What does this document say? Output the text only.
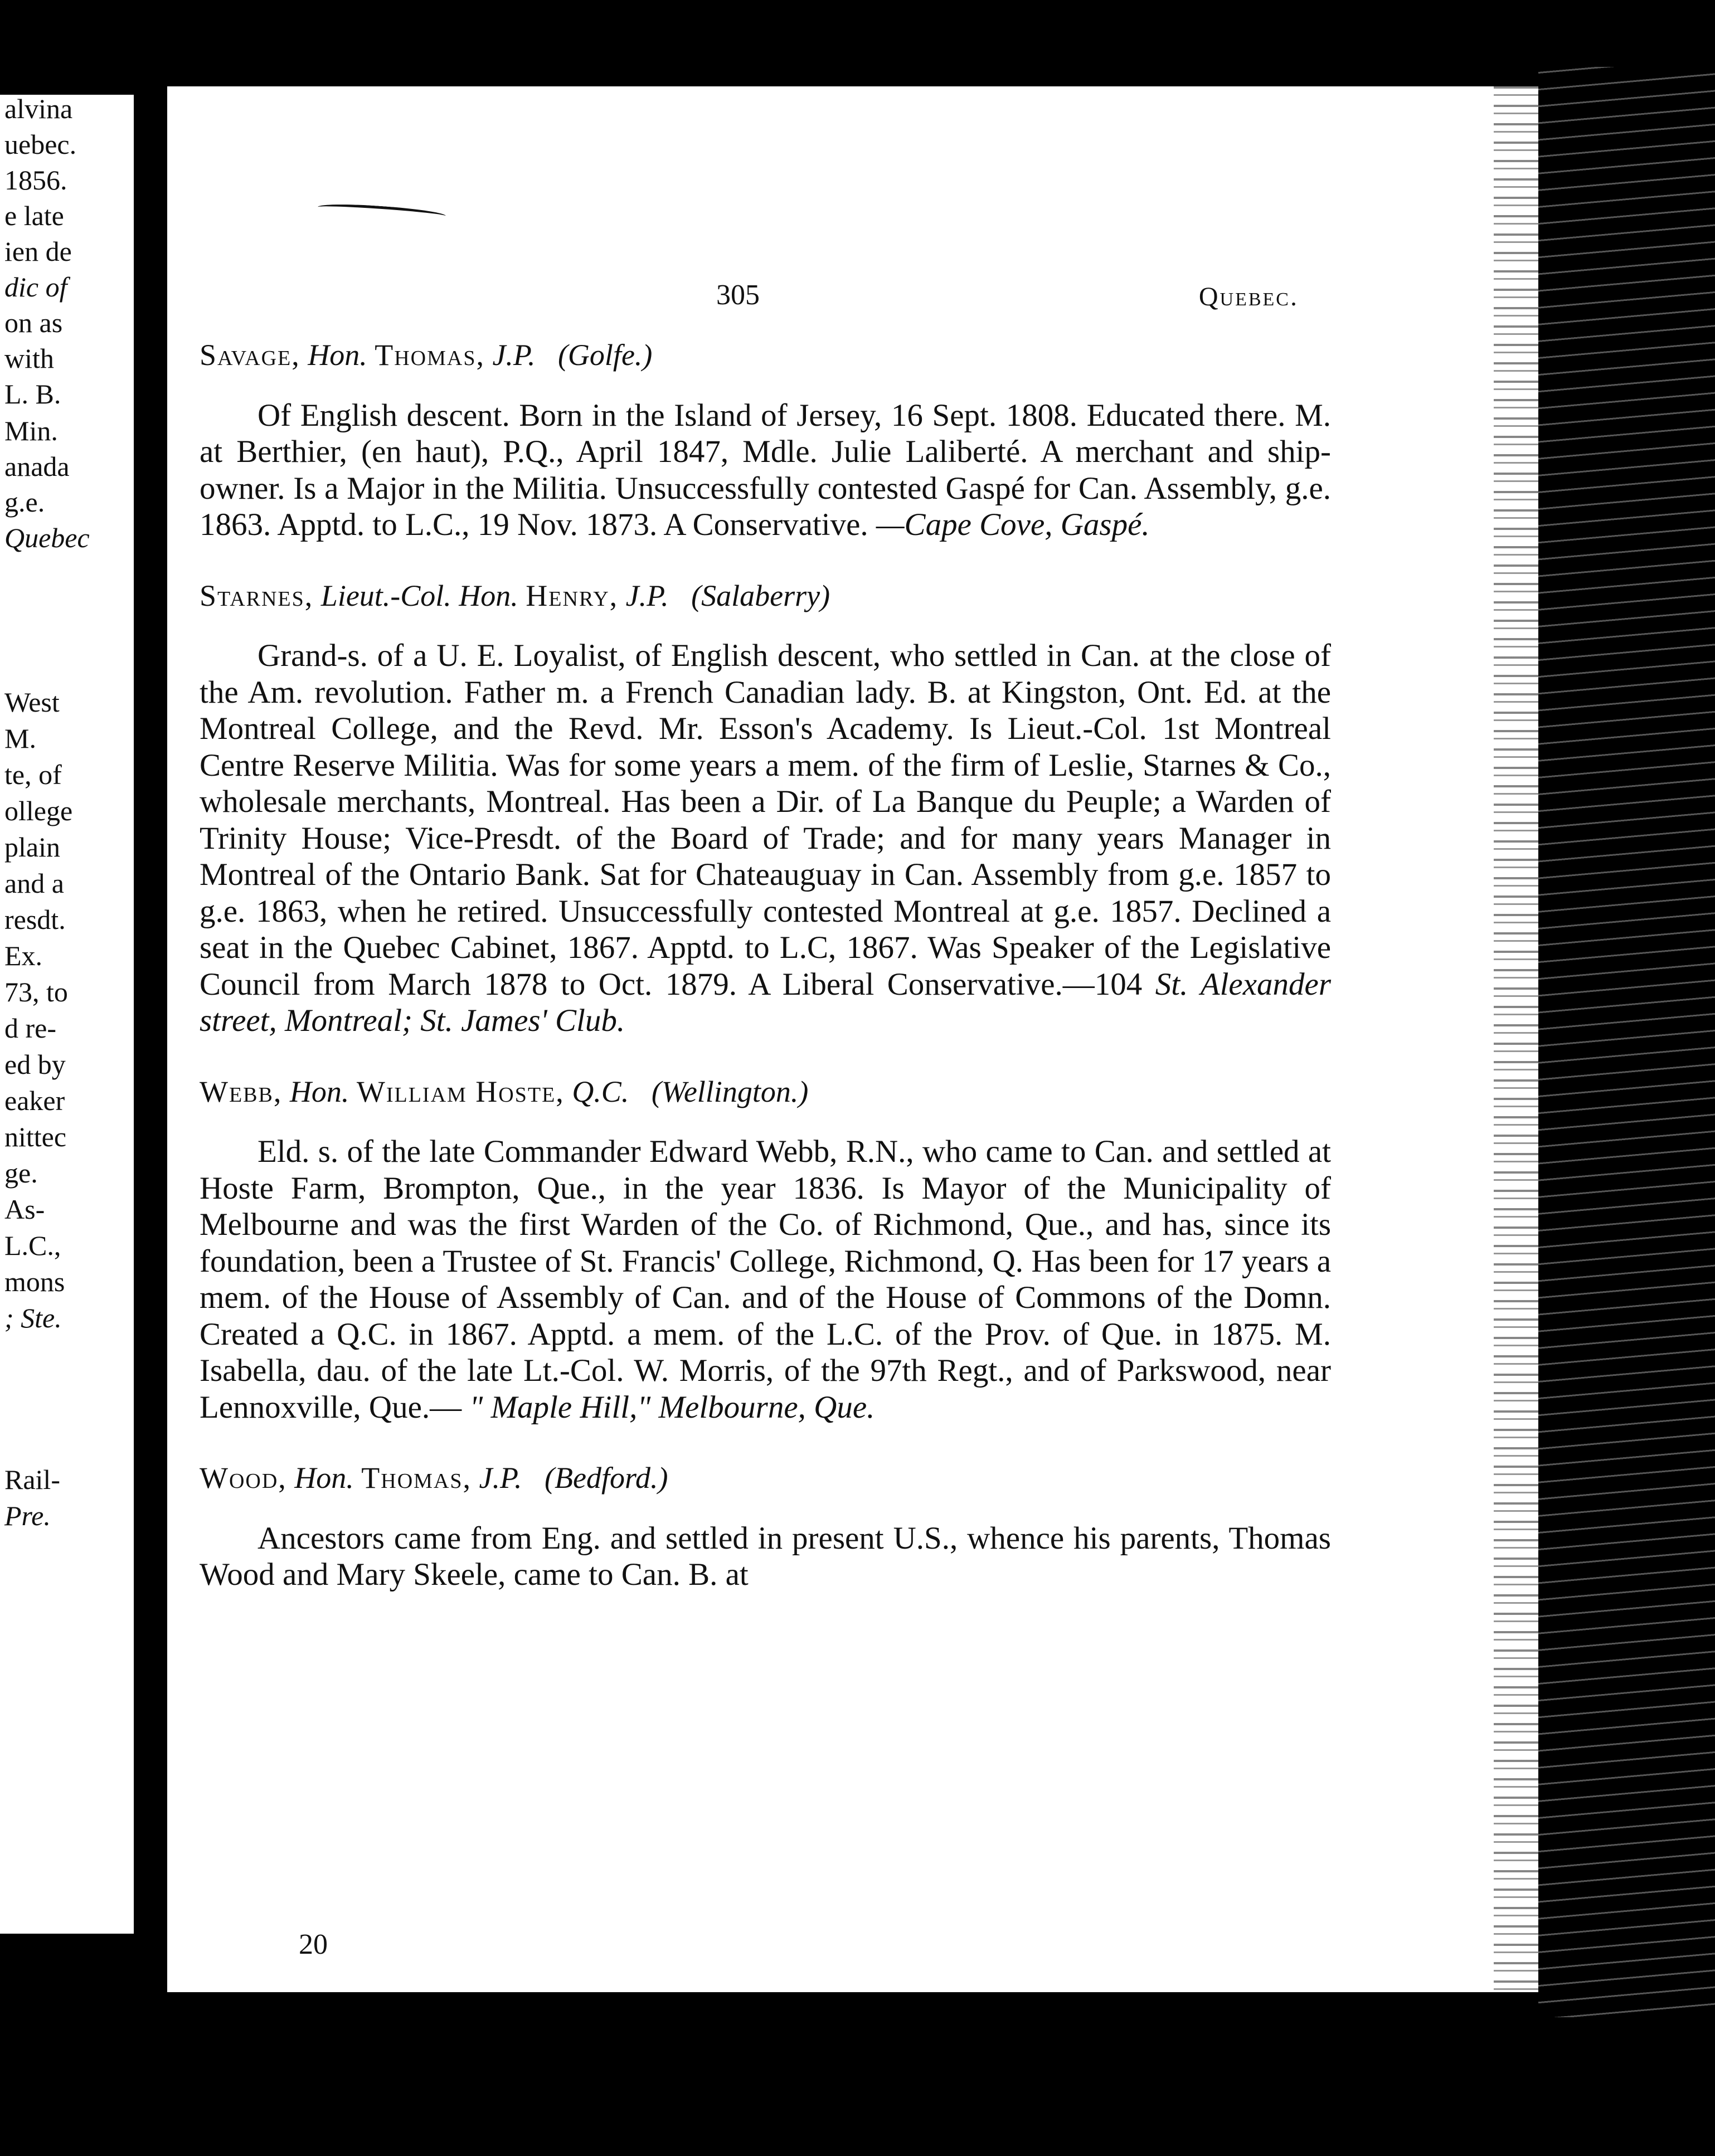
alvina
uebec.
1856.
e late
ien de
dic of
on as
with
L. B.
Min.
anada
g.e.
Quebec
West
M.
te, of
ollege
plain
and a
resdt.
Ex.
73, to
d re-
ed by
eaker
nittec
ge.
As-
L.C.,
mons
; Ste.
Rail-
Pre.
305	Quebec.
Savage, Hon. Thomas, J.P. (Golfe.)

Of English descent. Born in the Island of Jersey, 16 Sept. 1808. Educated there. M. at Berthier, (en haut), P.Q., April 1847, Mdle. Julie Laliberté. A merchant and ship-owner. Is a Major in the Militia. Unsuccessfully contested Gaspé for Can. Assembly, g.e. 1863. Apptd. to L.C., 19 Nov. 1873. A Conservative. —Cape Cove, Gaspé.

Starnes, Lieut.-Col. Hon. Henry, J.P. (Salaberry)

Grand-s. of a U. E. Loyalist, of English descent, who settled in Can. at the close of the Am. revolution. Father m. a French Canadian lady. B. at Kingston, Ont. Ed. at the Montreal College, and the Revd. Mr. Esson's Academy. Is Lieut.-Col. 1st Montreal Centre Reserve Militia. Was for some years a mem. of the firm of Leslie, Starnes & Co., wholesale merchants, Montreal. Has been a Dir. of La Banque du Peuple; a Warden of Trinity House; Vice-Presdt. of the Board of Trade; and for many years Manager in Montreal of the Ontario Bank. Sat for Chateauguay in Can. Assembly from g.e. 1857 to g.e. 1863, when he retired. Unsuccessfully contested Montreal at g.e. 1857. Declined a seat in the Quebec Cabinet, 1867. Apptd. to L.C, 1867. Was Speaker of the Legislative Council from March 1878 to Oct. 1879. A Liberal Conservative.—104 St. Alexander street, Montreal; St. James' Club.

Webb, Hon. William Hoste, Q.C. (Wellington.)

Eld. s. of the late Commander Edward Webb, R.N., who came to Can. and settled at Hoste Farm, Brompton, Que., in the year 1836. Is Mayor of the Municipality of Melbourne and was the first Warden of the Co. of Richmond, Que., and has, since its foundation, been a Trustee of St. Francis' College, Richmond, Q. Has been for 17 years a mem. of the House of Assembly of Can. and of the House of Commons of the Domn. Created a Q.C. in 1867. Apptd. a mem. of the L.C. of the Prov. of Que. in 1875. M. Isabella, dau. of the late Lt.-Col. W. Morris, of the 97th Regt., and of Parkswood, near Lennoxville, Que.— " Maple Hill," Melbourne, Que.

Wood, Hon. Thomas, J.P. (Bedford.)

Ancestors came from Eng. and settled in present U.S., whence his parents, Thomas Wood and Mary Skeele, came to Can. B. at

20
